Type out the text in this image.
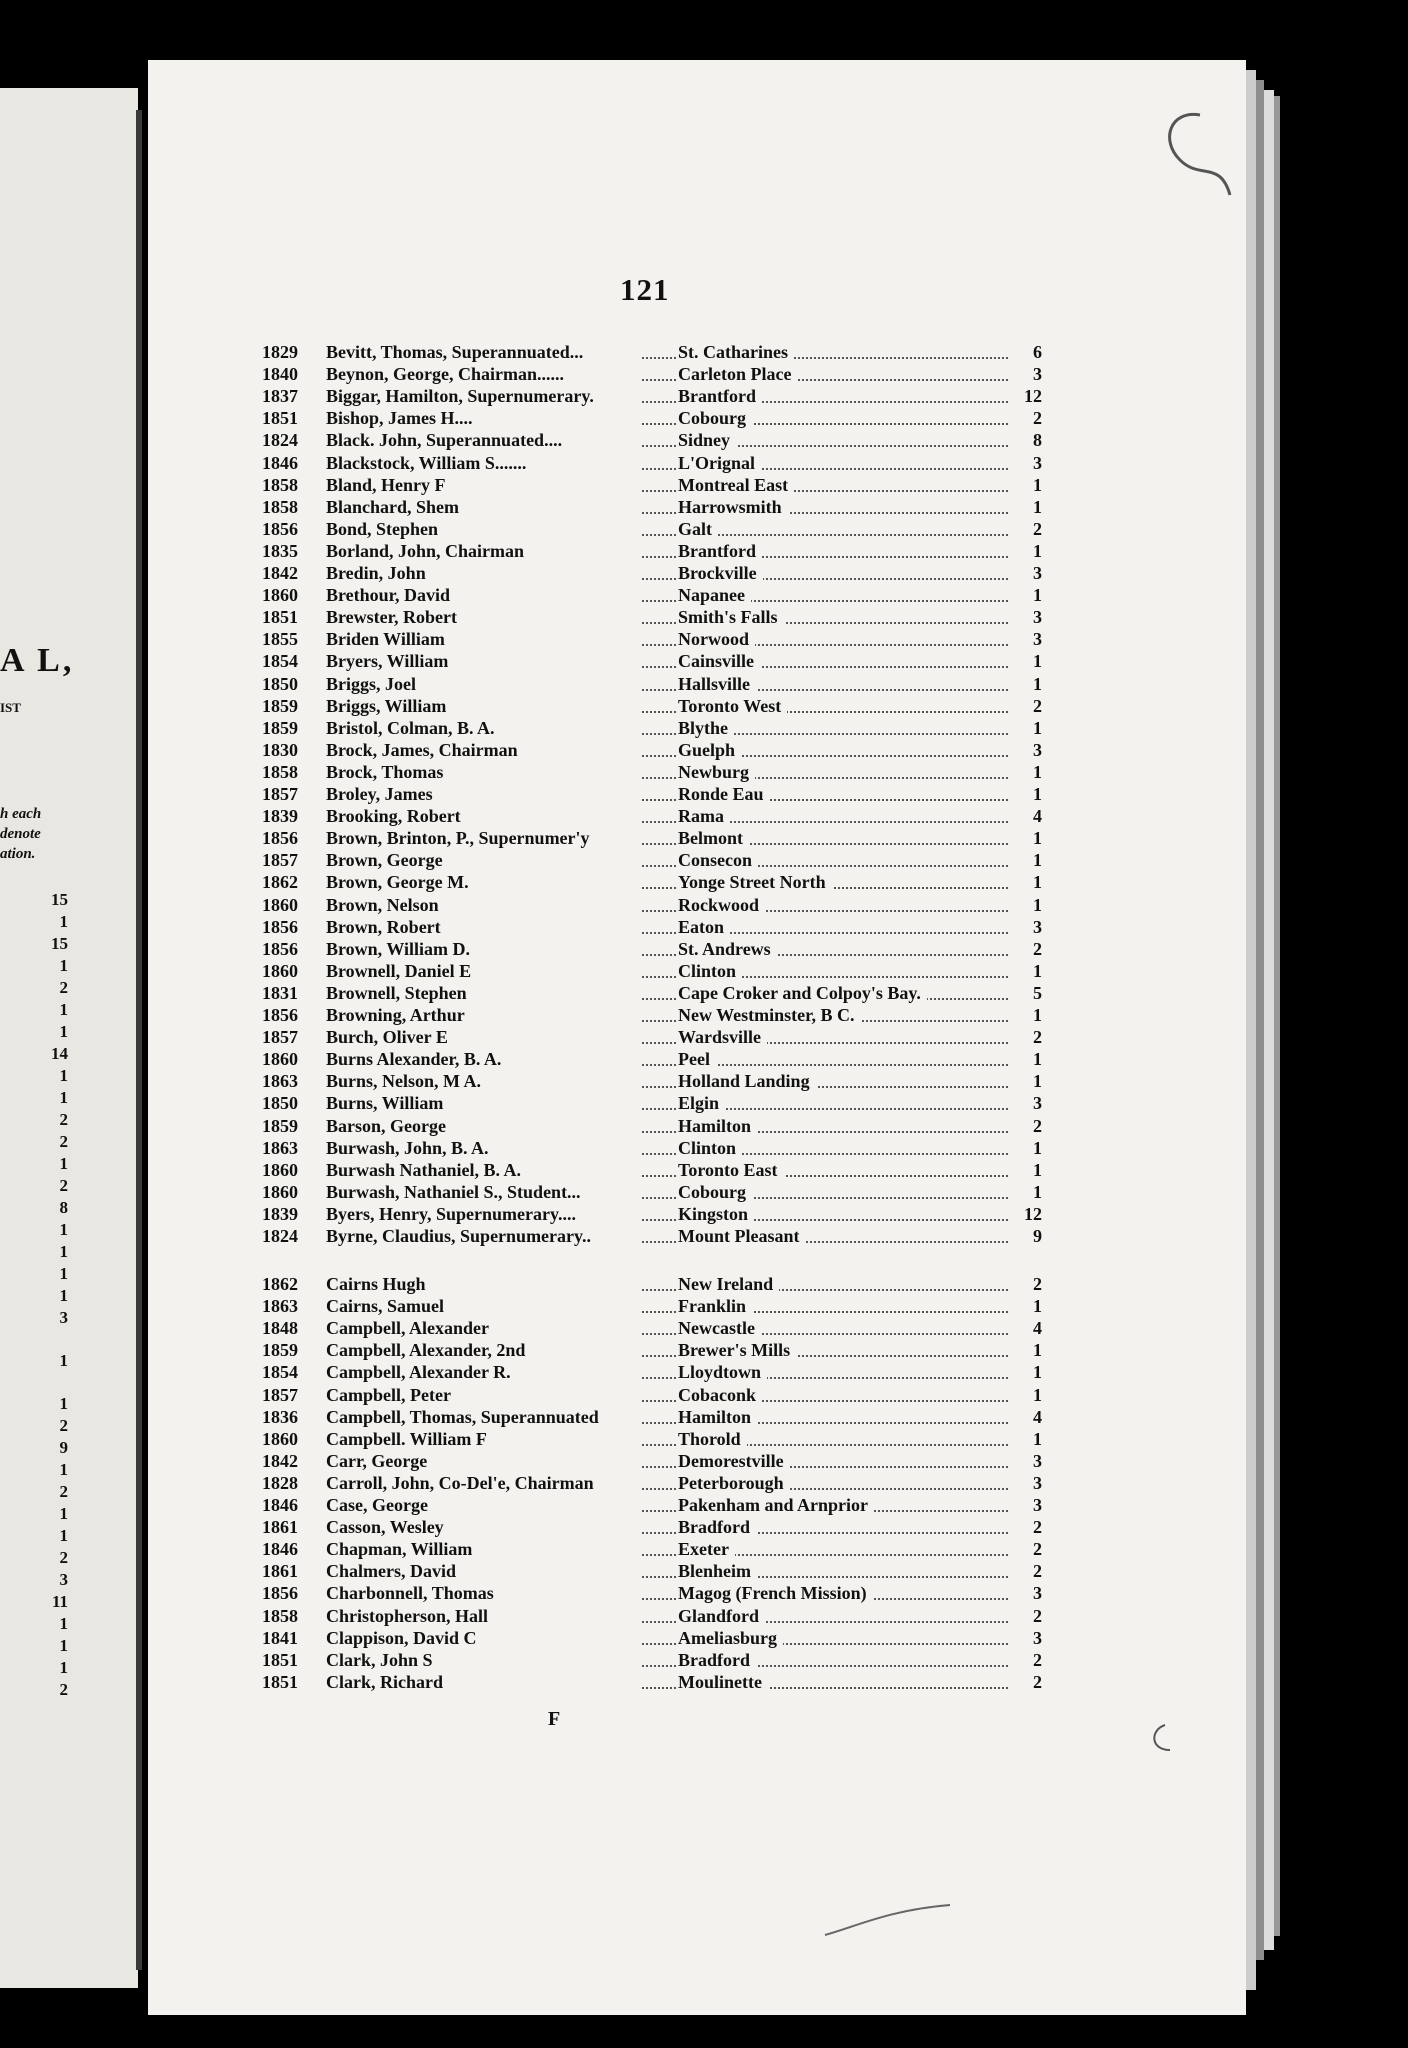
A L,
IST
h each
denote
ation.
15
1
15
1
2
1
1
14
1
1
2
2
1
2
8
1
1
1
1
3
1
1
2
9
1
2
1
1
2
3
11
1
1
1
2
121
1829	Bevitt, Thomas, Superannuated...	St. Catharines	6
1840	Beynon, George, Chairman......	Carleton Place	3
1837	Biggar, Hamilton, Supernumerary.	Brantford	12
1851	Bishop, James H....	Cobourg	2
1824	Black. John, Superannuated....	Sidney	8
1846	Blackstock, William S.......	L'Orignal	3
1858	Bland, Henry F	Montreal East	1
1858	Blanchard, Shem	Harrowsmith	1
1856	Bond, Stephen	Galt	2
1835	Borland, John, Chairman	Brantford	1
1842	Bredin, John	Brockville	3
1860	Brethour, David	Napanee	1
1851	Brewster, Robert	Smith's Falls	3
1855	Briden William	Norwood	3
1854	Bryers, William	Cainsville	1
1850	Briggs, Joel	Hallsville	1
1859	Briggs, William	Toronto West	2
1859	Bristol, Colman, B. A.	Blythe	1
1830	Brock, James, Chairman	Guelph	3
1858	Brock, Thomas	Newburg	1
1857	Broley, James	Ronde Eau	1
1839	Brooking, Robert	Rama	4
1856	Brown, Brinton, P., Supernumer'y	Belmont	1
1857	Brown, George	Consecon	1
1862	Brown, George M.	Yonge Street North	1
1860	Brown, Nelson	Rockwood	1
1856	Brown, Robert	Eaton	3
1856	Brown, William D.	St. Andrews	2
1860	Brownell, Daniel E	Clinton	1
1831	Brownell, Stephen	Cape Croker and Colpoy's Bay.	5
1856	Browning, Arthur	New Westminster, B C.	1
1857	Burch, Oliver E	Wardsville	2
1860	Burns Alexander, B. A.	Peel	1
1863	Burns, Nelson, M A.	Holland Landing	1
1850	Burns, William	Elgin	3
1859	Barson, George	Hamilton	2
1863	Burwash, John, B. A.	Clinton	1
1860	Burwash Nathaniel, B. A.	Toronto East	1
1860	Burwash, Nathaniel S., Student...	Cobourg	1
1839	Byers, Henry, Supernumerary....	Kingston	12
1824	Byrne, Claudius, Supernumerary..	Mount Pleasant	9
1862	Cairns Hugh	New Ireland	2
1863	Cairns, Samuel	Franklin	1
1848	Campbell, Alexander	Newcastle	4
1859	Campbell, Alexander, 2nd	Brewer's Mills	1
1854	Campbell, Alexander R.	Lloydtown	1
1857	Campbell, Peter	Cobaconk	1
1836	Campbell, Thomas, Superannuated	Hamilton	4
1860	Campbell. William F	Thorold	1
1842	Carr, George	Demorestville	3
1828	Carroll, John, Co-Del'e, Chairman	Peterborough	3
1846	Case, George	Pakenham and Arnprior	3
1861	Casson, Wesley	Bradford	2
1846	Chapman, William	Exeter	2
1861	Chalmers, David	Blenheim	2
1856	Charbonnell, Thomas	Magog (French Mission)	3
1858	Christopherson, Hall	Glandford	2
1841	Clappison, David C	Ameliasburg	3
1851	Clark, John S	Bradford	2
1851	Clark, Richard	Moulinette	2
F
